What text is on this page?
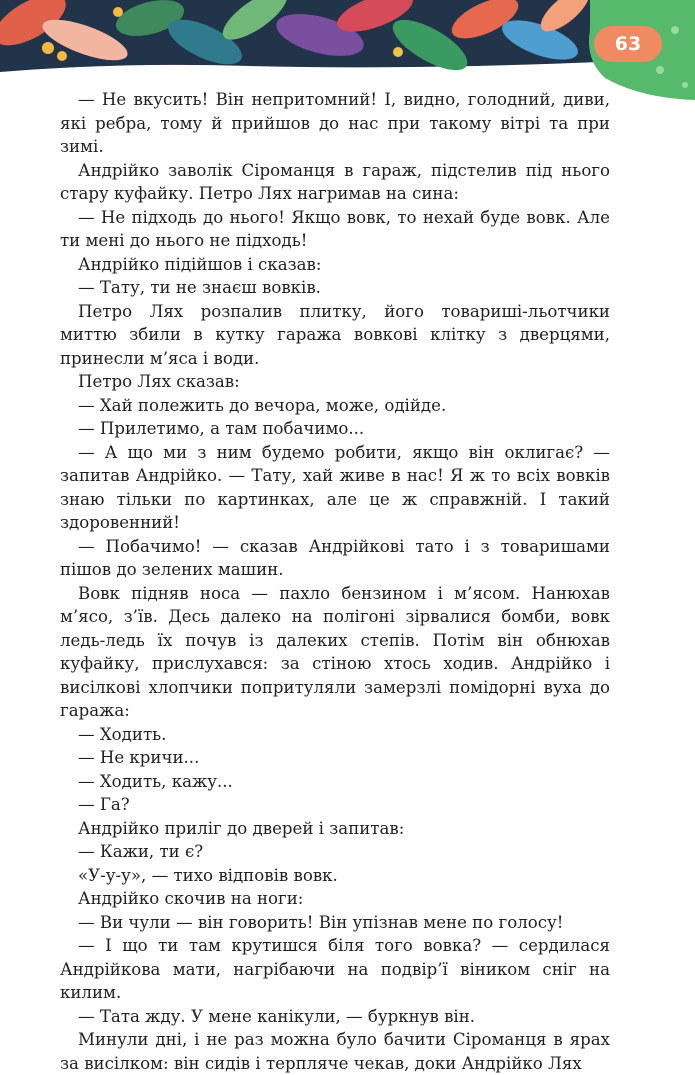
63

— Не вкусить! Він непритомний! І, видно, голодний, диви, які ребра, тому й прийшов до нас при такому вітрі та при зимі.

Андрійко заволік Сіроманця в гараж, підстелив під нього стару куфайку. Петро Лях нагримав на сина:

— Не підходь до нього! Якщо вовк, то нехай буде вовк. Але ти мені до нього не підходь!

Андрійко підійшов і сказав:

— Тату, ти не знаєш вовків.

Петро Лях розпалив плитку, його товариші-льотчики миттю збили в кутку гаража вовкові клітку з дверцями, принесли м’яса і води.

Петро Лях сказав:

— Хай полежить до вечора, може, одійде.

— Прилетимо, а там побачимо...

— А що ми з ним будемо робити, якщо він оклигає? — запитав Андрійко. — Тату, хай живе в нас! Я ж то всіх вовків знаю тільки по картинках, але це ж справжній. І такий здоровенний!

— Побачимо! — сказав Андрійкові тато і з товаришами пішов до зелених машин.

Вовк підняв носа — пахло бензином і м’ясом. Нанюхав м’ясо, з’їв. Десь далеко на полігоні зірвалися бомби, вовк ледь-ледь їх почув із далеких степів. Потім він обнюхав куфайку, прислухався: за стіною хтось ходив. Андрійко і висілкові хлопчики попритуляли замерзлі помідорні вуха до гаража:

— Ходить.

— Не кричи...

— Ходить, кажу...

— Га?

Андрійко приліг до дверей і запитав:

— Кажи, ти є?

«У-у-у», — тихо відповів вовк.

Андрійко скочив на ноги:

— Ви чули — він говорить! Він упізнав мене по голосу!

— І що ти там крутишся біля того вовка? — сердилася Андрійкова мати, нагрібаючи на подвір’ї віником сніг на килим.

— Тата жду. У мене канікули, — буркнув він.

Минули дні, і не раз можна було бачити Сіроманця в ярах за висілком: він сидів і терпляче чекав, доки Андрійко Лях
